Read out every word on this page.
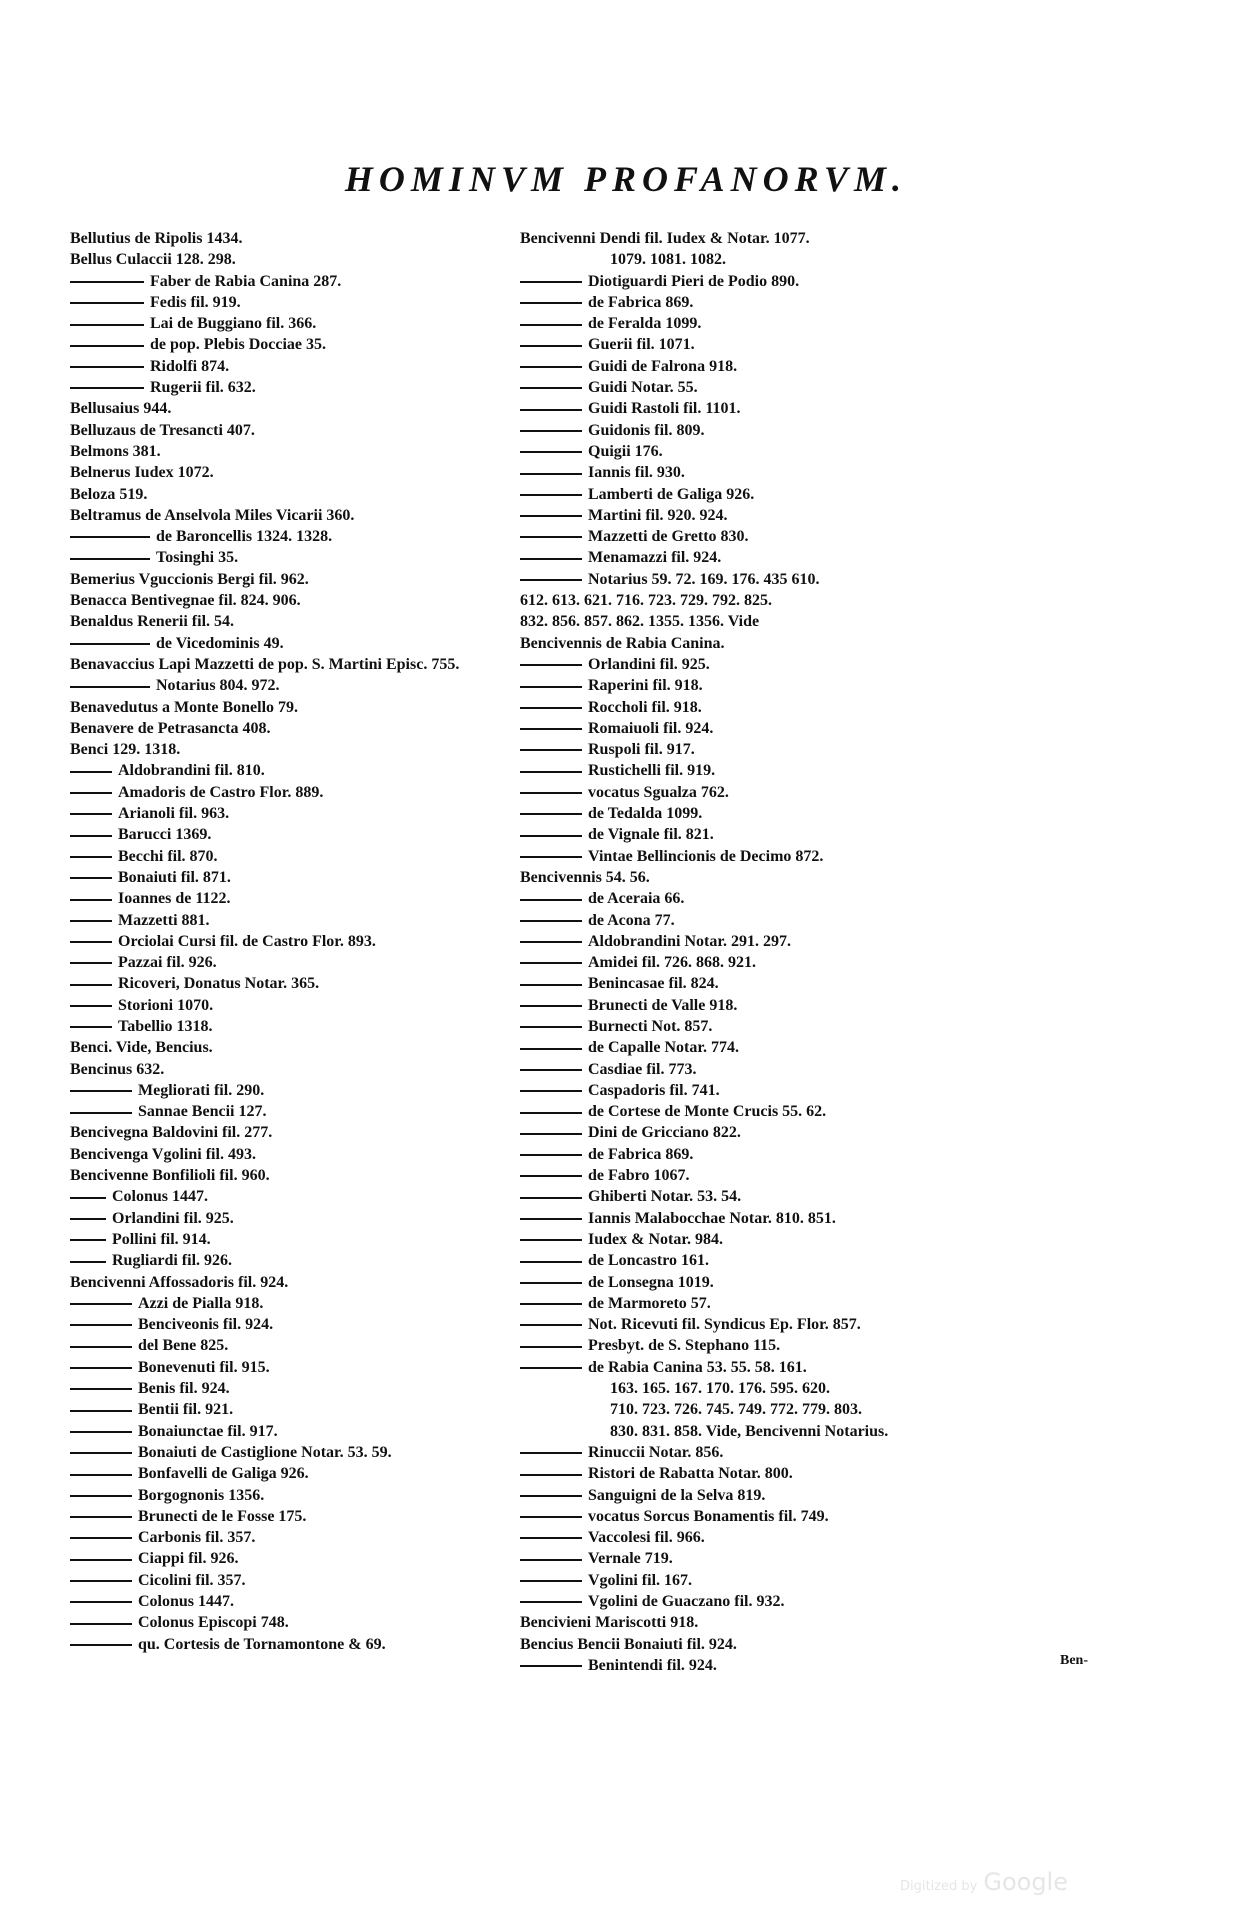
HOMINVM PROFANORVM.
Bellutius de Ripolis 1434.
Bellus Culaccii 128. 298.
Faber de Rabia Canina 287.
Fedis fil. 919.
Lai de Buggiano fil. 366.
de pop. Plebis Docciae 35.
Ridolfi 874.
Rugerii fil. 632.
Bellusaius 944.
Belluzaus de Tresancti 407.
Belmons 381.
Belnerus Iudex 1072.
Beloza 519.
Beltramus de Anselvola Miles Vicarii 360.
de Baroncellis 1324. 1328.
Tosinghi 35.
Bemerius Vguccionis Bergi fil. 962.
Benacca Bentivegnae fil. 824. 906.
Benaldus Renerii fil. 54.
de Vicedominis 49.
Benavaccius Lapi Mazzetti de pop. S. Martini Episc. 755.
Notarius 804. 972.
Benavedutus a Monte Bonello 79.
Benavere de Petrasancta 408.
Benci 129. 1318.
Aldobrandini fil. 810.
Amadoris de Castro Flor. 889.
Arianoli fil. 963.
Barucci 1369.
Becchi fil. 870.
Bonaiuti fil. 871.
Ioannes de 1122.
Mazzetti 881.
Orciolai Cursi fil. de Castro Flor. 893.
Pazzai fil. 926.
Ricoveri, Donatus Notar. 365.
Storioni 1070.
Tabellio 1318.
Benci. Vide, Bencius.
Bencinus 632.
Megliorati fil. 290.
Sannae Bencii 127.
Bencivegna Baldovini fil. 277.
Bencivenga Vgolini fil. 493.
Bencivenne Bonfilioli fil. 960.
Colonus 1447.
Orlandini fil. 925.
Pollini fil. 914.
Rugliardi fil. 926.
Bencivenni Affossadoris fil. 924.
Azzi de Pialla 918.
Benciveonis fil. 924.
del Bene 825.
Bonevenuti fil. 915.
Benis fil. 924.
Bentii fil. 921.
Bonaiunctae fil. 917.
Bonaiuti de Castiglione Notar. 53. 59.
Bonfavelli de Galiga 926.
Borgognonis 1356.
Brunecti de le Fosse 175.
Carbonis fil. 357.
Ciappi fil. 926.
Cicolini fil. 357.
Colonus 1447.
Colonus Episcopi 748.
qu. Cortesis de Tornamontone & 69.
Bencivenni Dendi fil. Iudex & Notar. 1077.
1079. 1081. 1082.
Diotiguardi Pieri de Podio 890.
de Fabrica 869.
de Feralda 1099.
Guerii fil. 1071.
Guidi de Falrona 918.
Guidi Notar. 55.
Guidi Rastoli fil. 1101.
Guidonis fil. 809.
Quigii 176.
Iannis fil. 930.
Lamberti de Galiga 926.
Martini fil. 920. 924.
Mazzetti de Gretto 830.
Menamazzi fil. 924.
Notarius 59. 72. 169. 176. 435 610.
612. 613. 621. 716. 723. 729. 792. 825.
832. 856. 857. 862. 1355. 1356. Vide
Bencivennis de Rabia Canina.
Orlandini fil. 925.
Raperini fil. 918.
Roccholi fil. 918.
Romaiuoli fil. 924.
Ruspoli fil. 917.
Rustichelli fil. 919.
vocatus Sgualza 762.
de Tedalda 1099.
de Vignale fil. 821.
Vintae Bellincionis de Decimo 872.
Bencivennis 54. 56.
de Aceraia 66.
de Acona 77.
Aldobrandini Notar. 291. 297.
Amidei fil. 726. 868. 921.
Benincasae fil. 824.
Brunecti de Valle 918.
Burnecti Not. 857.
de Capalle Notar. 774.
Casdiae fil. 773.
Caspadoris fil. 741.
de Cortese de Monte Crucis 55. 62.
Dini de Gricciano 822.
de Fabrica 869.
de Fabro 1067.
Ghiberti Notar. 53. 54.
Iannis Malabocchae Notar. 810. 851.
Iudex & Notar. 984.
de Loncastro 161.
de Lonsegna 1019.
de Marmoreto 57.
Not. Ricevuti fil. Syndicus Ep. Flor. 857.
Presbyt. de S. Stephano 115.
de Rabia Canina 53. 55. 58. 161.
163. 165. 167. 170. 176. 595. 620.
710. 723. 726. 745. 749. 772. 779. 803.
830. 831. 858. Vide, Bencivenni Notarius.
Rinuccii Notar. 856.
Ristori de Rabatta Notar. 800.
Sanguigni de la Selva 819.
vocatus Sorcus Bonamentis fil. 749.
Vaccolesi fil. 966.
Vernale 719.
Vgolini fil. 167.
Vgolini de Guaczano fil. 932.
Bencivieni Mariscotti 918.
Bencius Bencii Bonaiuti fil. 924.
Benintendi fil. 924.	Ben-
Digitized by Google
